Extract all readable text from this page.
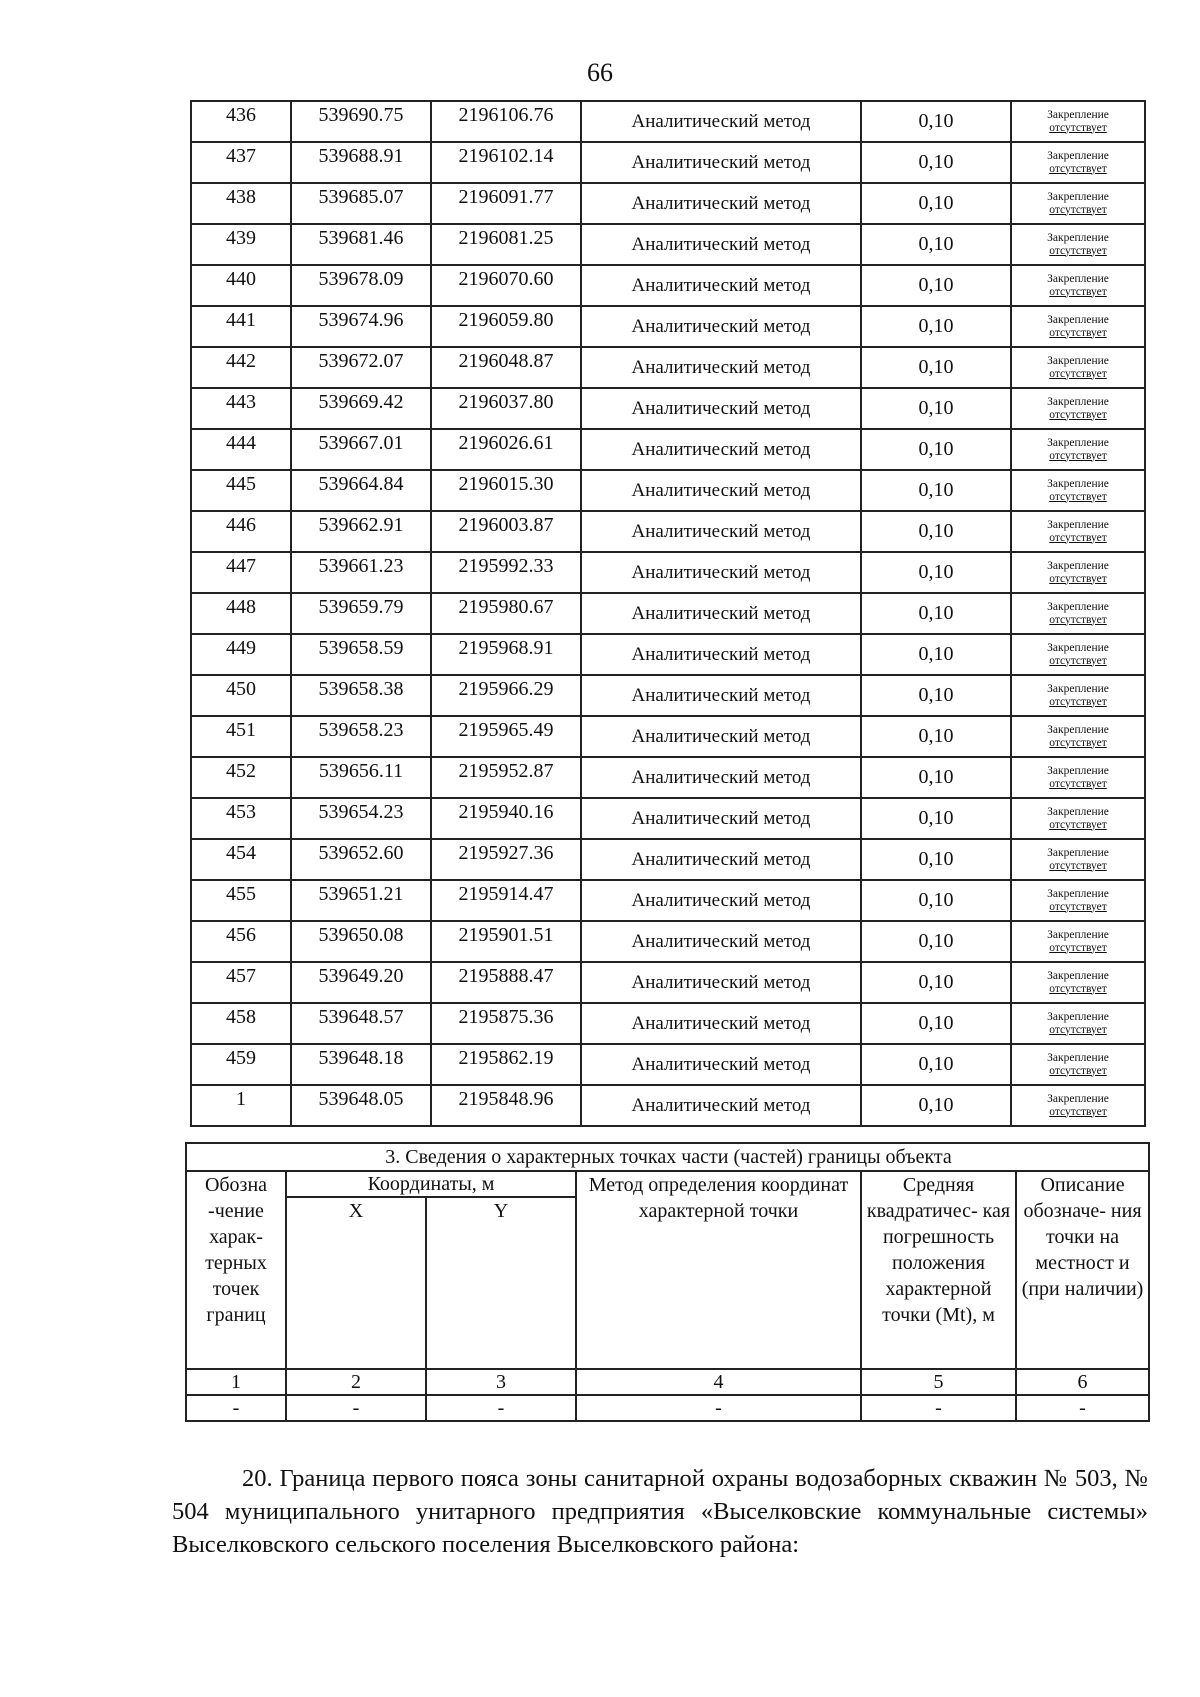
66
436	539690.75	2196106.76	Аналитический метод	0,10	Закрепление
отсутствует

437	539688.91	2196102.14	Аналитический метод	0,10	Закрепление
отсутствует

438	539685.07	2196091.77	Аналитический метод	0,10	Закрепление
отсутствует

439	539681.46	2196081.25	Аналитический метод	0,10	Закрепление
отсутствует

440	539678.09	2196070.60	Аналитический метод	0,10	Закрепление
отсутствует

441	539674.96	2196059.80	Аналитический метод	0,10	Закрепление
отсутствует

442	539672.07	2196048.87	Аналитический метод	0,10	Закрепление
отсутствует

443	539669.42	2196037.80	Аналитический метод	0,10	Закрепление
отсутствует

444	539667.01	2196026.61	Аналитический метод	0,10	Закрепление
отсутствует

445	539664.84	2196015.30	Аналитический метод	0,10	Закрепление
отсутствует

446	539662.91	2196003.87	Аналитический метод	0,10	Закрепление
отсутствует

447	539661.23	2195992.33	Аналитический метод	0,10	Закрепление
отсутствует

448	539659.79	2195980.67	Аналитический метод	0,10	Закрепление
отсутствует

449	539658.59	2195968.91	Аналитический метод	0,10	Закрепление
отсутствует

450	539658.38	2195966.29	Аналитический метод	0,10	Закрепление
отсутствует

451	539658.23	2195965.49	Аналитический метод	0,10	Закрепление
отсутствует

452	539656.11	2195952.87	Аналитический метод	0,10	Закрепление
отсутствует

453	539654.23	2195940.16	Аналитический метод	0,10	Закрепление
отсутствует

454	539652.60	2195927.36	Аналитический метод	0,10	Закрепление
отсутствует

455	539651.21	2195914.47	Аналитический метод	0,10	Закрепление
отсутствует

456	539650.08	2195901.51	Аналитический метод	0,10	Закрепление
отсутствует

457	539649.20	2195888.47	Аналитический метод	0,10	Закрепление
отсутствует

458	539648.57	2195875.36	Аналитический метод	0,10	Закрепление
отсутствует

459	539648.18	2195862.19	Аналитический метод	0,10	Закрепление
отсутствует

1	539648.05	2195848.96	Аналитический метод	0,10	Закрепление
отсутствует
3. Сведения о характерных точках части (частей) границы объекта					
Обозна -чение харак- терных точек границ	Координаты, м		Метод определения координат характерной точки	Средняя квадратичес- кая погрешность положения характерной точки (Mt), м	Описание обозначе- ния точки на местност и (при наличии)
	X	Y			
1	2	3	4	5	6
-	-	-	-	-	-

20. Граница первого пояса зоны санитарной охраны водозаборных скважин № 503, № 504 муниципального унитарного предприятия «Выселковские коммунальные системы» Выселковского сельского поселения Выселковского района:
